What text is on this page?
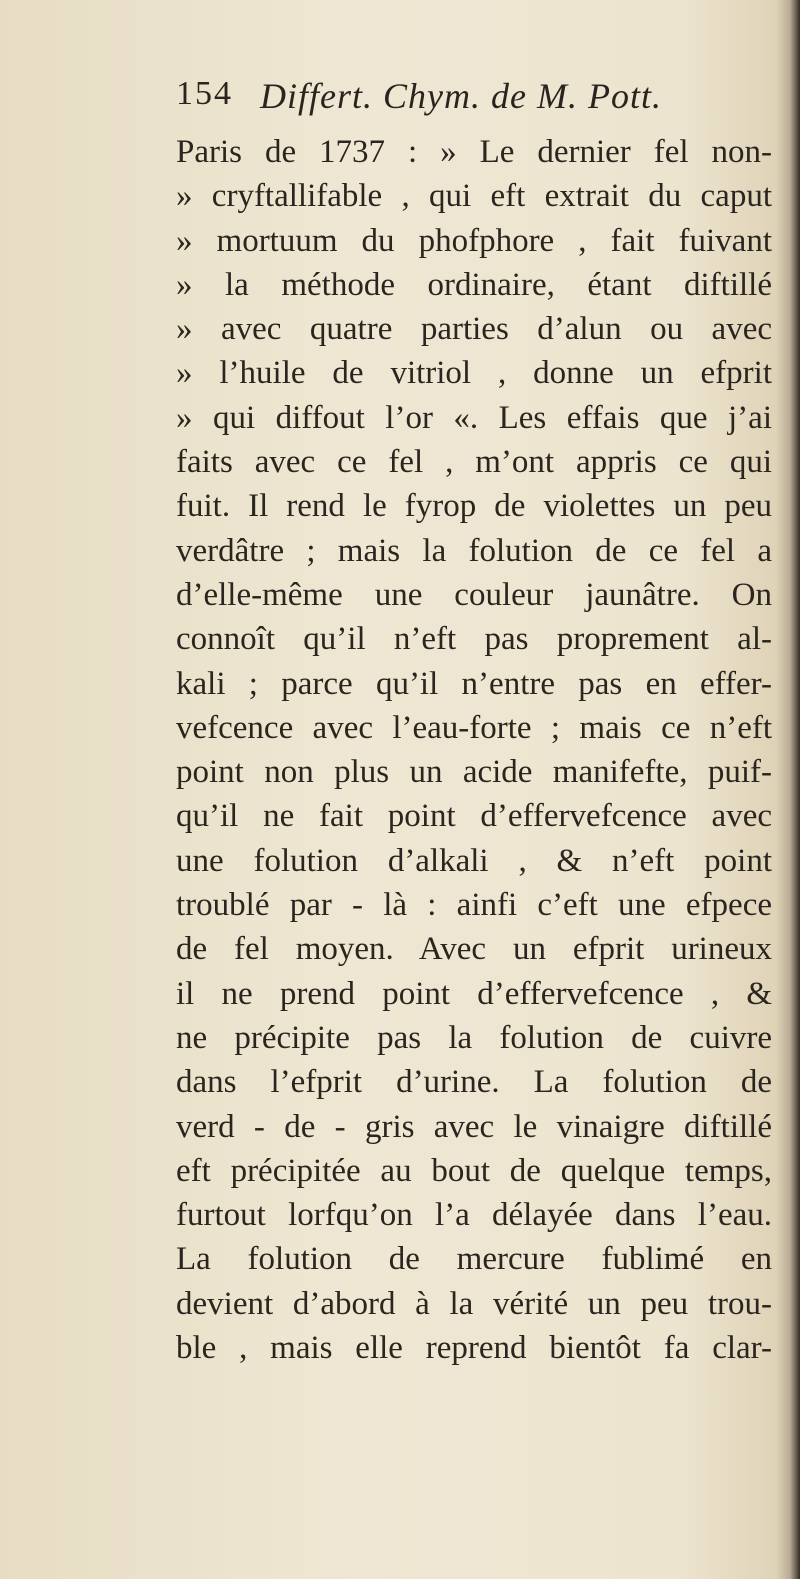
154 Differt. Chym. de M. Pott.
Paris de 1737 : » Le dernier fel non-
» cryftallifable , qui eft extrait du caput
» mortuum du phofphore , fait fuivant
» la méthode ordinaire, étant diftillé
» avec quatre parties d’alun ou avec
» l’huile de vitriol , donne un efprit
» qui diffout l’or «. Les effais que j’ai
faits avec ce fel , m’ont appris ce qui
fuit. Il rend le fyrop de violettes un peu
verdâtre ; mais la folution de ce fel a
d’elle-même une couleur jaunâtre. On
connoît qu’il n’eft pas proprement al-
kali ; parce qu’il n’entre pas en effer-
vefcence avec l’eau-forte ; mais ce n’eft
point non plus un acide manifefte, puif-
qu’il ne fait point d’effervefcence avec
une folution d’alkali , & n’eft point
troublé par - là : ainfi c’eft une efpece
de fel moyen. Avec un efprit urineux
il ne prend point d’effervefcence , &
ne précipite pas la folution de cuivre
dans l’efprit d’urine. La folution de
verd - de - gris avec le vinaigre diftillé
eft précipitée au bout de quelque temps,
furtout lorfqu’on l’a délayée dans l’eau.
La folution de mercure fublimé en
devient d’abord à la vérité un peu trou-
ble , mais elle reprend bientôt fa clar-
